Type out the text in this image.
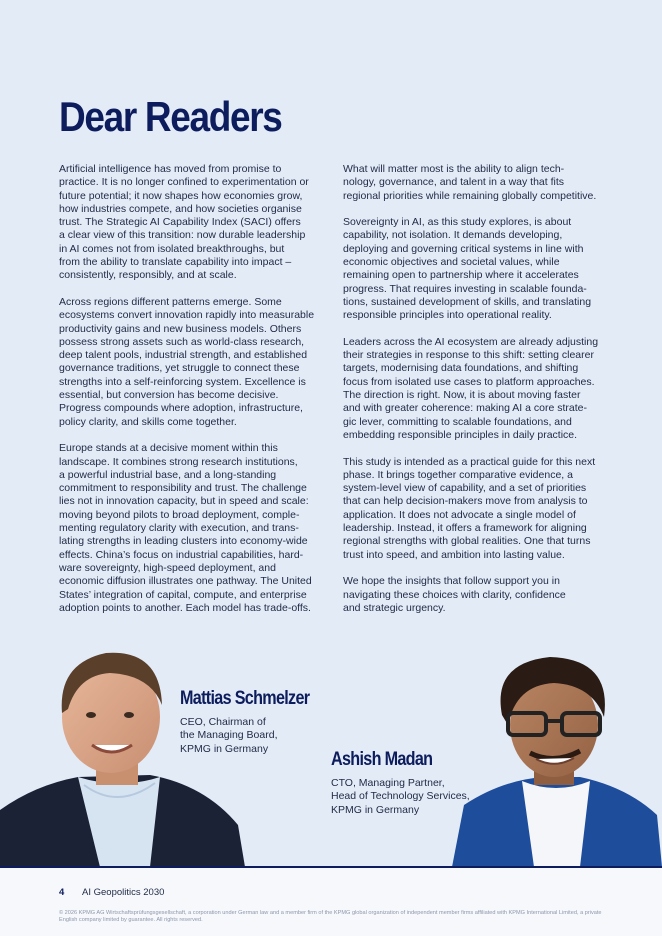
Dear Readers

Artificial intelligence has moved from promise to
practice. It is no longer confined to experimentation or
future potential; it now shapes how economies grow,
how industries compete, and how societies organise
trust. The Strategic AI Capability Index (SACI) offers
a clear view of this transition: now durable leadership
in AI comes not from isolated breakthroughs, but
from the ability to translate capability into impact –
consistently, responsibly, and at scale.

Across regions different patterns emerge. Some
ecosystems convert innovation rapidly into measurable
productivity gains and new business models. Others
possess strong assets such as world-class research,
deep talent pools, industrial strength, and established
governance traditions, yet struggle to connect these
strengths into a self-reinforcing system. Excellence is
essential, but conversion has become decisive.
Progress compounds where adoption, infrastructure,
policy clarity, and skills come together.

Europe stands at a decisive moment within this
landscape. It combines strong research institutions,
a powerful industrial base, and a long-standing
commitment to responsibility and trust. The challenge
lies not in innovation capacity, but in speed and scale:
moving beyond pilots to broad deployment, comple-
menting regulatory clarity with execution, and trans-
lating strengths in leading clusters into economy-wide
effects. China’s focus on industrial capabilities, hard-
ware sovereignty, high-speed deployment, and
economic diffusion illustrates one pathway. The United
States’ integration of capital, compute, and enterprise
adoption points to another. Each model has trade-offs.

What will matter most is the ability to align tech-
nology, governance, and talent in a way that fits
regional priorities while remaining globally competitive.

Sovereignty in AI, as this study explores, is about
capability, not isolation. It demands developing,
deploying and governing critical systems in line with
economic objectives and societal values, while
remaining open to partnership where it accelerates
progress. That requires investing in scalable founda-
tions, sustained development of skills, and translating
responsible principles into operational reality.

Leaders across the AI ecosystem are already adjusting
their strategies in response to this shift: setting clearer
targets, modernising data foundations, and shifting
focus from isolated use cases to platform approaches.
The direction is right. Now, it is about moving faster
and with greater coherence: making AI a core strate-
gic lever, committing to scalable foundations, and
embedding responsible principles in daily practice.

This study is intended as a practical guide for this next
phase. It brings together comparative evidence, a
system-level view of capability, and a set of priorities
that can help decision-makers move from analysis to
application. It does not advocate a single model of
leadership. Instead, it offers a framework for aligning
regional strengths with global realities. One that turns
trust into speed, and ambition into lasting value.

We hope the insights that follow support you in
navigating these choices with clarity, confidence
and strategic urgency.

Mattias Schmelzer
CEO, Chairman of
the Managing Board,
KPMG in Germany
Ashish Madan
CTO, Managing Partner,
Head of Technology Services,
KPMG in Germany
4 AI Geopolitics 2030
© 2026 KPMG AG Wirtschaftsprüfungsgesellschaft, a corporation under German law and a member firm of the KPMG global organization of independent member firms affiliated with KPMG International Limited, a private English company limited by guarantee. All rights reserved.
